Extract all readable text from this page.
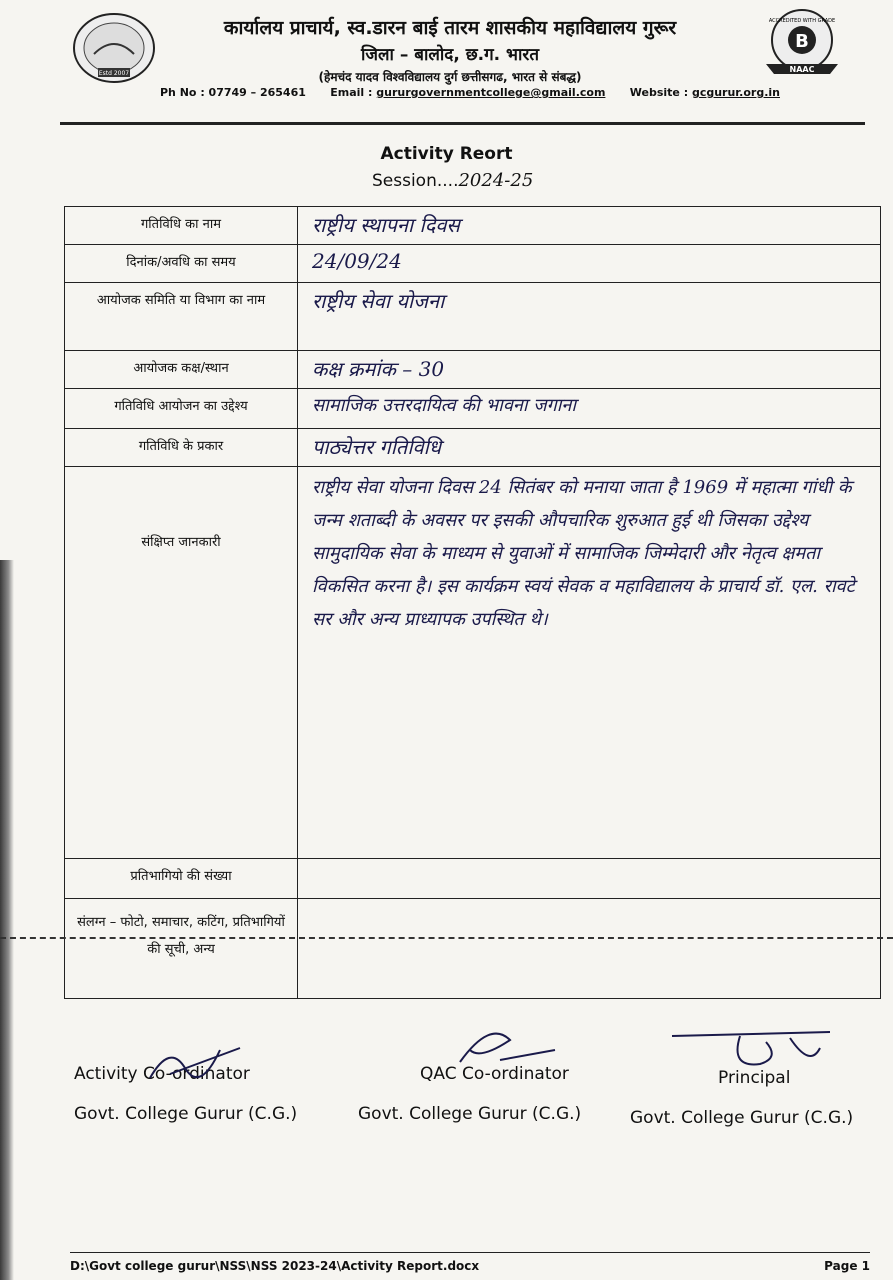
Estd 2007
ACCREDITED WITH GRADE
B
NAAC
कार्यालय प्राचार्य, स्व.डारन बाई तारम शासकीय महाविद्यालय गुरूर
जिला – बालोद, छ.ग. भारत
(हेमचंद यादव विश्वविद्यालय दुर्ग छत्तीसगढ, भारत से संबद्ध)
Ph No : 07749 – 265461 Email : gururgovernmentcollege@gmail.com Website : gcgurur.org.in
Activity Reort
Session....2024-25
गतिविधि का नाम	राष्ट्रीय स्थापना दिवस
दिनांक/अवधि का समय	24/09/24
आयोजक समिति या विभाग का नाम	राष्ट्रीय सेवा योजना
आयोजक कक्ष/स्थान	कक्ष क्रमांक – 30
गतिविधि आयोजन का उद्देश्य	सामाजिक उत्तरदायित्व की भावना जगाना
गतिविधि के प्रकार	पाठ्येत्तर गतिविधि
संक्षिप्त जानकारी	राष्ट्रीय सेवा योजना दिवस 24 सितंबर को मनाया जाता है 1969 में महात्मा गांधी के जन्म शताब्दी के अवसर पर इसकी औपचारिक शुरुआत हुई थी जिसका उद्देश्य सामुदायिक सेवा के माध्यम से युवाओं में सामाजिक जिम्मेदारी और नेतृत्व क्षमता विकसित करना है। इस कार्यक्रम स्वयं सेवक व महाविद्यालय के प्राचार्य डॉ. एल. रावटे सर और अन्य प्राध्यापक उपस्थित थे।
प्रतिभागियो की संख्या	
संलग्न – फोटो, समाचार, कटिंग, प्रतिभागियों की सूची, अन्य	
Activity Co-ordinator
Govt. College Gurur (C.G.)
QAC Co-ordinator
Govt. College Gurur (C.G.)
Principal
Govt. College Gurur (C.G.)
D:\Govt college gurur\NSS\NSS 2023-24\Activity Report.docx	Page 1
